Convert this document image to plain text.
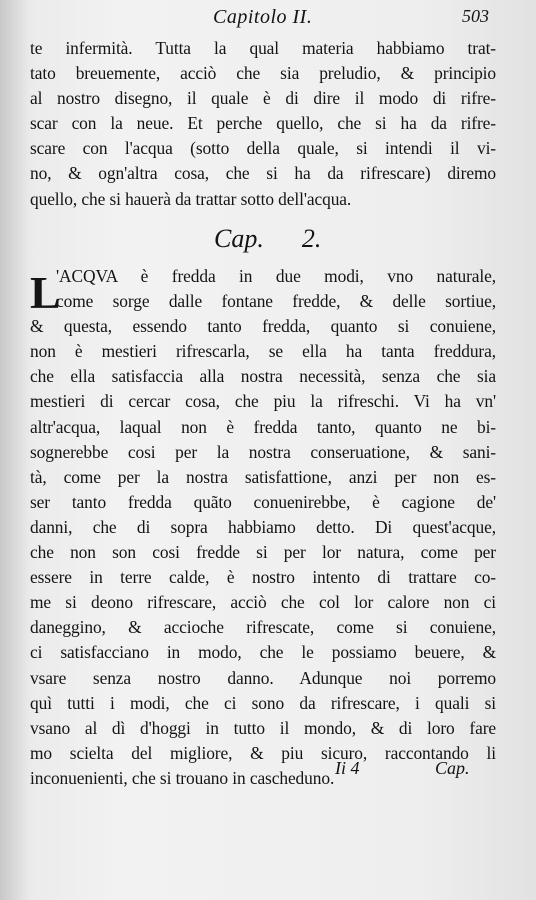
Capitolo II.	503

te infermità. Tutta la qual materia habbiamo trat-
tato breuemente, acciò che sia preludio, & principio
al nostro disegno, il quale è di dire il modo di rifre-
scar con la neue. Et perche quello, che si ha da rifre-
scare con l'acqua (sotto della quale, si intendi il vi-
no, & ogn'altra cosa, che si ha da rifrescare) diremo
quello, che si hauerà da trattar sotto dell'acqua.

Cap. 2.
L

'ACQVA è fredda in due modi, vno naturale,
come sorge dalle fontane fredde, & delle sortiue,
& questa, essendo tanto fredda, quanto si conuiene,
non è mestieri rifrescarla, se ella ha tanta freddura,
che ella satisfaccia alla nostra necessità, senza che sia
mestieri di cercar cosa, che piu la rifreschi. Vi ha vn'
altr'acqua, laqual non è fredda tanto, quanto ne bi-
sognerebbe cosi per la nostra conseruatione, & sani-
tà, come per la nostra satisfattione, anzi per non es-
ser tanto fredda quãto conuenirebbe, è cagione de'
danni, che di sopra habbiamo detto. Di quest'acque,
che non son cosi fredde si per lor natura, come per
essere in terre calde, è nostro intento di trattare co-
me si deono rifrescare, acciò che col lor calore non ci
daneggino, & accioche rifrescate, come si conuiene,
ci satisfacciano in modo, che le possiamo beuere, &
vsare senza nostro danno. Adunque noi porremo
quì tutti i modi, che ci sono da rifrescare, i quali si
vsano al dì d'hoggi in tutto il mondo, & di loro fare
mo scielta del migliore, & piu sicuro, raccontando li
inconuenienti, che si trouano in cascheduno. Ii 4	Cap.
